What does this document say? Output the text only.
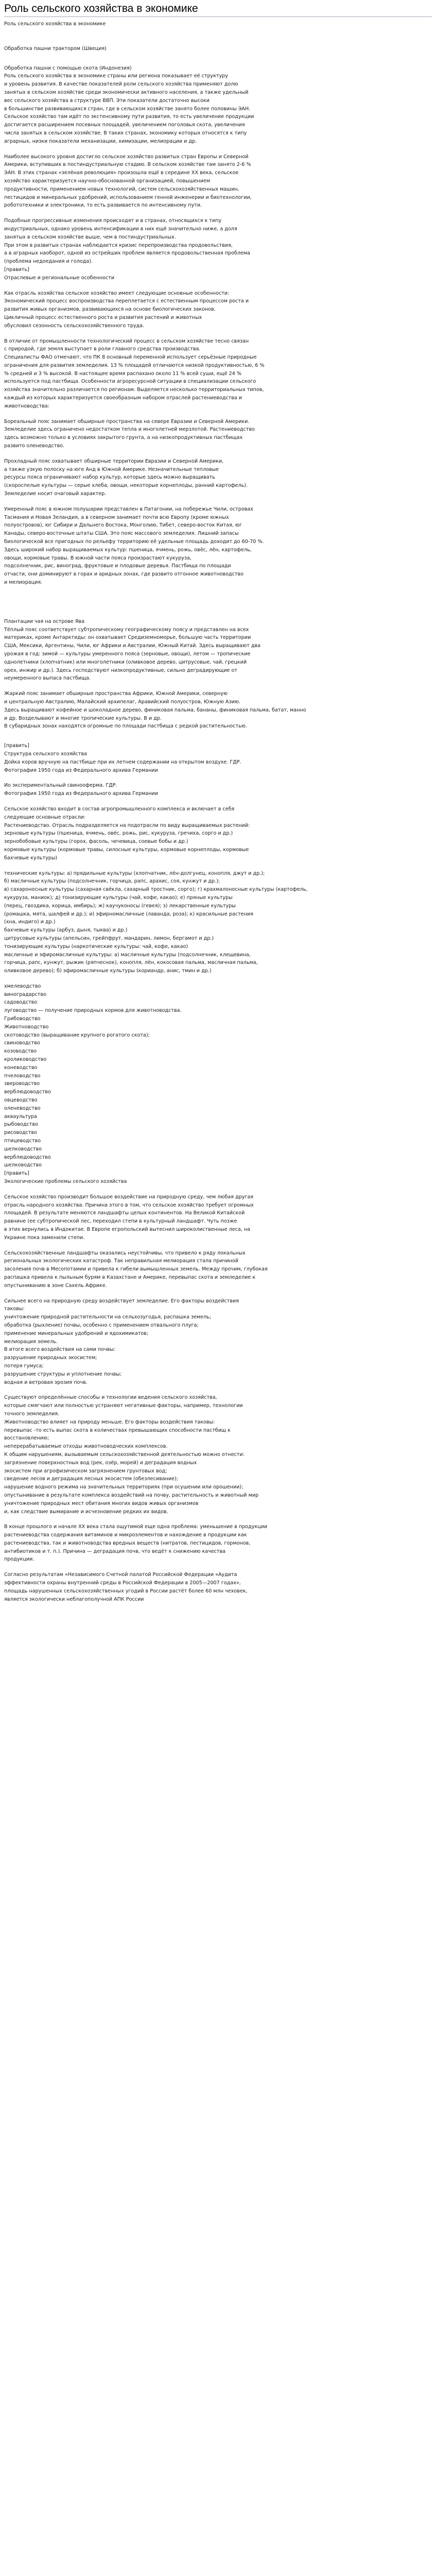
Роль сельского хозяйства в экономике
Роль сельского хозяйства в экономике
Обработка пашни трактором (Швеция)
Обработка пашни с помощью скота (Индонезия)
Роль сельского хозяйства в экономике страны или региона показывает её структуру
и уровень развития. В качестве показателей роли сельского хозяйства применяют долю
занятых в сельском хозяйстве среди экономически активного населения, а также удельный
вес сельского хозяйства в структуре ВВП. Эти показатели достаточно высоки
в большинстве развивающихся стран, где в сельском хозяйстве занято более половины ЭАН.
Сельское хозяйство там идёт по экстенсивному пути развития, то есть увеличение продукции
достигается расширением посевных площадей, увеличением поголовья скота, увеличения
числа занятых в сельском хозяйстве. В таких странах, экономику которых относятся к типу
аграрных, низки показатели механизации, химизации, мелиорации и др.
Наиболее высокого уровня достигло сельское хозяйство развитых стран Европы и Северной
Америки, вступивших в постиндустриальную стадию. В сельском хозяйстве там занято 2-6 %
ЭАН. В этих странах «зелёная революция» произошла ещё в середине XX века, сельское
хозяйство характеризуется научно-обоснованной организацией, повышением
продуктивности, применением новых технологий, систем сельскохозяйственных машин,
пестицидов и минеральных удобрений, использованием генной инженерии и биотехнологии,
робототехники и электроники, то есть развивается по интенсивному пути.
Подобные прогрессивные изменения происходят и в странах, относящихся к типу
индустриальных, однако уровень интенсификации в них ещё значительно ниже, а доля
занятых в сельском хозяйстве выше, чем в постиндустриальных.
При этом в развитых странах наблюдается кризис перепроизводства продовольствия,
а в аграрных наоборот, одной из острейших проблем является продовольственная проблема
(проблема недоедания и голода).
[править]
Отраслевые и региональные особенности
Как отрасль хозяйства сельское хозяйство имеет следующие основные особенности:
Экономический процесс воспроизводства переплетается с естественным процессом роста и
развития живых организмов, развивающихся на основе биологических законов.
Цикличный процесс естественного роста и развития растений и животных
обусловил сезонность сельскохозяйственного труда.
В отличие от промышленности технологический процесс в сельском хозяйстве тесно связан
с природой, где земля выступает в роли главного средства производства.
Специалисты ФАО отмечают, что ПК 8 основный переменной использует серьёзные природные
ограничения для развития земледелия. 13 % площадей отличаются низкой продуктивностью, 6 %
% средней и 3 % высокой. В настоящее время распахано около 11 % всей суши, ещё 24 %
используется под пастбища. Особенности агроресурсной ситуации в специализации сельского
хозяйства значительно различается по регионам. Выделяется несколько территориальных типов,
каждый из которых характеризуется своеобразным набором отраслей растениеводства и
животноводства:
Бореальный пояс занимает обширные пространства на севере Евразии и Северной Америки.
Земледелие здесь ограничено недостатком тепла и многолетней мерзлотой. Растениеводство
здесь возможно только в условиях закрытого грунта, а на низкопродуктивных пастбищах
развито оленеводство.
Прохладный пояс охватывает обширные территории Евразии и Северной Америки,
а также узкую полоску на юге Анд в Южной Америке. Незначительные тепловые
ресурсы пояса ограничивают набор культур, которые здесь можно выращивать
(скороспелые культуры — серые хлеба, овощи, некоторые корнеплоды, ранний картофель).
Земледелие носит очаговый характер.
Умеренный пояс в южном полушарии представлен в Патагонии, на побережье Чили, островах
Тасмания и Новая Зеландия, а в северном занимает почти всю Европу (кроме южных
полуостровов), юг Сибири и Дальнего Востока, Монголию, Тибет, северо-восток Китая, юг
Канады, северо-восточные штаты США. Это пояс массового земледелия. Лишний запасы
биологической все пригодных по рельефу территорию её удельные площадь доходит до 60-70 %.
Здесь широкий набор выращиваемых культур: пшеница, ячмень, рожь, овёс, лён, картофель,
овощи, кормовые травы. В южной части пояса произрастают кукуруза,
подсолнечник, рис, виноград, фруктовые и плодовые деревья. Пастбища по площади
отчасти, они доминируют в горах и аридных зонах, где развито отгонное животноводство
и мелиорация.
Плантации чая на острове Ява
Тёплый пояс соответствует субтропическому географическому поясу и представлен на всех
материках, кроме Антарктиды: он охватывает Средиземноморье, большую часть территории
США, Мексики, Аргентины, Чили, юг Африки и Австралии, Южный Китай. Здесь выращивают два
урожая в год: зимой — культуры умеренного пояса (зерновые, овощи), летом — тропические
однолетники (хлопчатник) или многолетники (оливковое дерево, цитрусовые, чай, грецкий
орех, инжир и др.). Здесь господствуют низкопродуктивные, сильно деградирующие от
неумеренного выпаса пастбища.
Жаркий пояс занимает обширные пространства Африки, Южной Америки, северную
и центральную Австралию, Малайский архипелаг, Аравийский полуостров, Южную Азию.
Здесь выращивают кофейное и шоколадное дерево, финиковая пальма, бананы, финиковая пальма, батат, манно
и др. Возделывают и многие тропические культуры. В и др.
В субаридных зонах находятся огромные по площади пастбища с редкой растительностью.
[править]
Структура сельского хозяйства
Дойка коров вручную на пастбище при их летнем содержании на открытом воздухе. ГДР.
Фотография 1950 года из Федерального архива Германии
Ио экспериментальный свинооферма. ГДР.
Фотография 1950 года из Федерального архива Германии
Сельское хозяйство входит в состав агропромышленного комплекса и включает в себя
следующие основные отрасли:
Растениеводство. Отрасль подразделяется на подотрасли по виду выращиваемых растений:
зерновые культуры (пшеница, ячмень, овёс, рожь, рис, кукуруза, гречиха, сорго и др.)
зернобобовые культуры (горох, фасоль, чечевица, соевые бобы и др.)
кормовые культуры (кормовые травы, силосные культуры, кормовые корнеплоды, кормовые
бахчевые культуры)
технические культуры: а) прядильные культуры (хлопчатник, лён-долгунец, конопля, джут и др.);
б) масличные культуры (подсолнечник, горчица, рапс, арахис, соя, кунжут и др.);
в) сахароносные культуры (сахарная свёкла, сахарный тростник, сорго); г) крахмалоносные культуры (картофель,
кукуруза, маниок); д) тонизирующие культуры (чай, кофе, какао); е) пряные культуры
(перец, гвоздика, корица, имбирь); ж) каучуконосы (гевея); з) лекарственные культуры
(ромашка, мята, шалфей и др.); и) эфирномасличные (лаванда, роза); к) красильные растения
(хна, индиго) и др.)
бахчевые культуры (арбуз, дыня, тыква) и др.)
цитрусовые культуры (апельсин, грейпфрут, мандарин, лимон, бергамот и др.)
тонизирующие культуры (наркотические культуры: чай, кофе, какао)
масличные и эфиромасличные культуры: а) масличные культуры (подсолнечник, клещевина,
горчица, рапс, кунжут, рыжик (ряпчеснок), конопля, лён, кокосовая пальма, масличная пальма,
оливковое дерево); б) эфиромасличные культуры (кориандр, анис, тмин и др.)
хмелеводство
виноградарство
садоводство
луговодство — получение природных кормов для животноводства.
Грибоводство
Животноводство
скотоводство (выращивание крупного рогатого скота);
свиноводство
козоводство
кролиководство
коневодство
пчеловодство
звероводство
верблюдоводство
овцеводство
оленеводство
акваультура
рыбоводство
рисоводство
птицеводство
шелководство
верблюдоводство
шелководство
[править]
Экологические проблемы сельского хозяйства
Сельское хозяйство производит большое воздействие на природную среду, чем любая другая
отрасль народного хозяйства. Причина этого в том, что сельское хозяйство требует огромных
площадей. В результате меняются ландшафты целых континентов. На Великой Китайской
равнине (ее субтропической лес, переходил степи в культурный ландшафт. Чуть позже
в этих вернулись в Индокитае. В Европе егропольский вытеснил широколиственные леса, на
Украине пока заменили степи.
Сельскохозяйственные ландшафты оказались неустойчивы, что привело к ряду локальных
региональных экологических катастроф. Так неправильная мелиорация стала причиной
засоления почв в Месопотамии и привела к гибели вымышленных земель. Между прочим, глубокая
распашка привела к пыльным бурям в Казахстане и Америке, перевыпас скота и земледелие к
опустыниванию в зоне Сахель Африке.
Сильнее всего на природную среду воздействует земледелие. Его факторы воздействия
таковы:
уничтожение природной растительности на сельхозугодья, распашка земель;
обработка (рыхление) почвы, особенно с применением отвального плуга;
применение минеральных удобрений и ядохимикатов;
мелиорация земель.
В итоге всего воздействия на сами почвы:
разрушение природных экосистем;
потеря гумуса;
разрушение структуры и уплотнение почвы;
водная и ветровая эрозия почв.
Существуют определённые способы и технологии ведения сельского хозяйства,
которые смягчают или полностью устраняют негативные факторы, например, технологии
точного земледелия.
Животноводство влияет на природу меньше. Его факторы воздействия таковы:
перевыпас -то есть выпас скота в количествах превышающих способности пастбищ к
восстановлению;
неперерабатываемые отходы животноводческих комплексов.
К общим нарушениям, вызываемым сельскохозяйственной деятельностью можно отнести:
загрязнение поверхностных вод (рек, озёр, морей) и деградация водных
экосистем при агрофизическом загрязнением грунтовых вод;
сведение лесов и деградация лесных экосистем (обезлесивание);
нарушение водного режима на значительных территориях (при осушении или орошении);
опустынивание в результате комплекса воздействий на почву, растительность и животный мир
уничтожение природных мест обитания многих видов живых организмов
и, как следствие вымирание и исчезновение редких их видов.
В конце прошлого и начале XX века стала ощутимой еще одна проблема: уменьшение в продукции
растениеводства содержания витаминов и микроэлементов и нахождение в продукции как
растениеводства, так и животноводства вредных веществ (нитратов, пестицидов, гормонов,
антибиотиков и т. п.). Причина — деградация почв, что ведёт к снижению качества
продукции.
Согласно результатам «Независимого Счетной палатой Российской Федерации «Аудита
эффективности охраны внутренний среды в Российской Федерации в 2005—2007 годах»,
площадь нарушенных сельскохозяйственных угодий в России растёт более 60 млн чеховек,
является экологически неблагополучной АПК России
